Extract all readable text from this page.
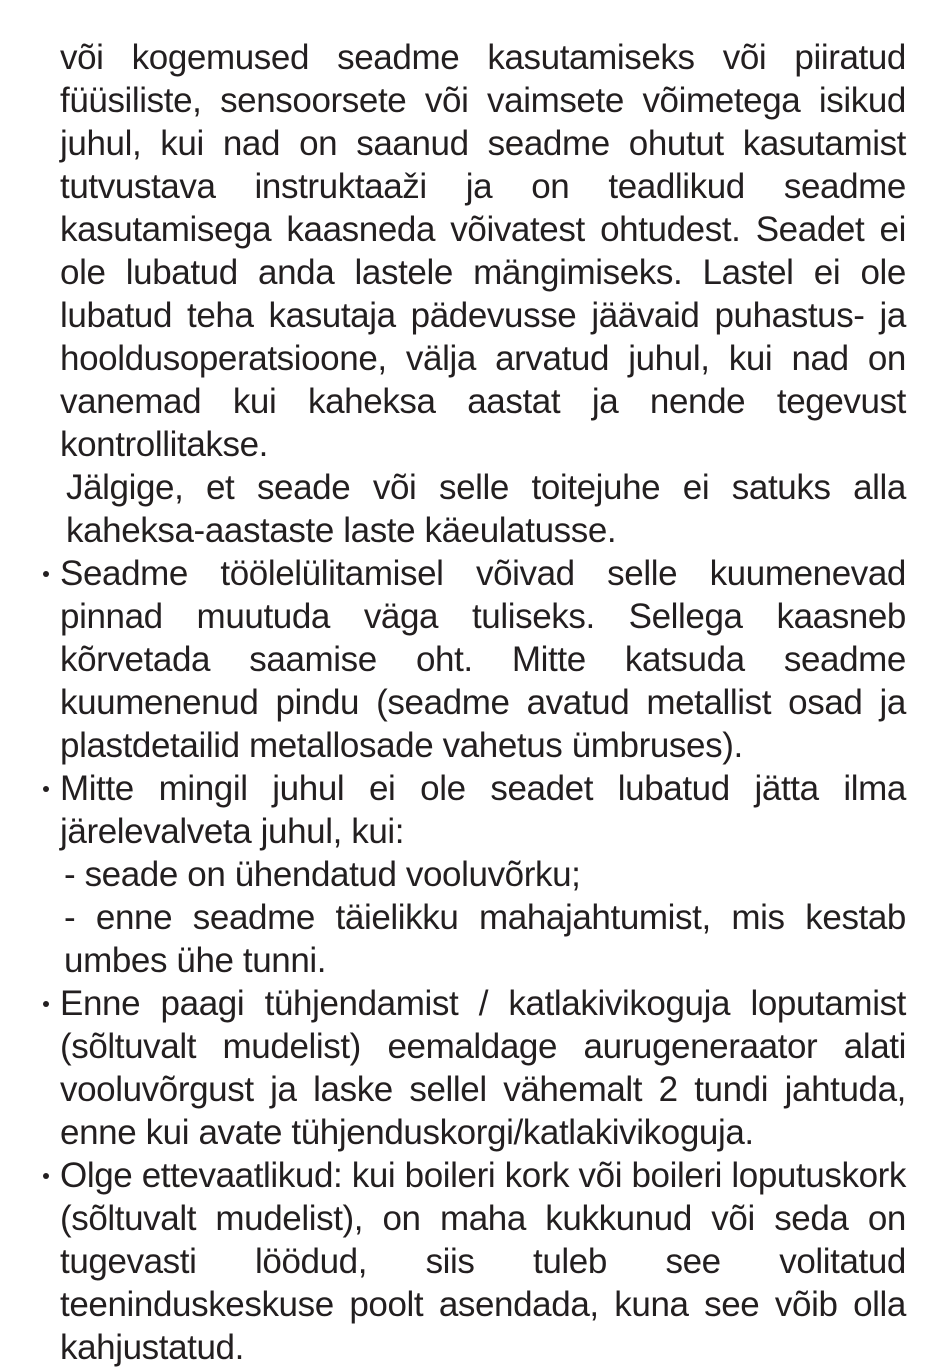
või kogemused seadme kasutamiseks või piiratud füüsiliste, sensoorsete või vaimsete võimetega isikud juhul, kui nad on saanud seadme ohutut kasutamist tutvustava instruktaaži ja on teadlikud seadme kasutamisega kaasneda võivatest ohtudest. Seadet ei ole lubatud anda lastele mängimiseks. Lastel ei ole lubatud teha kasutaja pädevusse jäävaid puhastus- ja hooldusoperatsioone, välja arvatud juhul, kui nad on vanemad kui kaheksa aastat ja nende tegevust kontrollitakse.

Jälgige, et seade või selle toitejuhe ei satuks alla kaheksa-aastaste laste käeulatusse.

Seadme töölelülitamisel võivad selle kuumenevad pinnad muutuda väga tuliseks. Sellega kaasneb kõrvetada saamise oht. Mitte katsuda seadme kuumenenud pindu (seadme avatud metallist osad ja plastdetailid metallosade vahetus ümbruses).

Mitte mingil juhul ei ole seadet lubatud jätta ilma järelevalveta juhul, kui:

- seade on ühendatud vooluvõrku;

- enne seadme täielikku mahajahtumist, mis kestab umbes ühe tunni.

Enne paagi tühjendamist / katlakivikoguja loputamist (sõltuvalt mudelist) eemaldage aurugeneraator alati vooluvõrgust ja laske sellel vähemalt 2 tundi jahtuda, enne kui avate tühjenduskorgi/katlakivikoguja.

Olge ettevaatlikud: kui boileri kork või boileri loputuskork (sõltuvalt mudelist), on maha kukkunud või seda on tugevasti löödud, siis tuleb see volitatud teeninduskeskuse poolt asendada, kuna see võib olla kahjustatud.
